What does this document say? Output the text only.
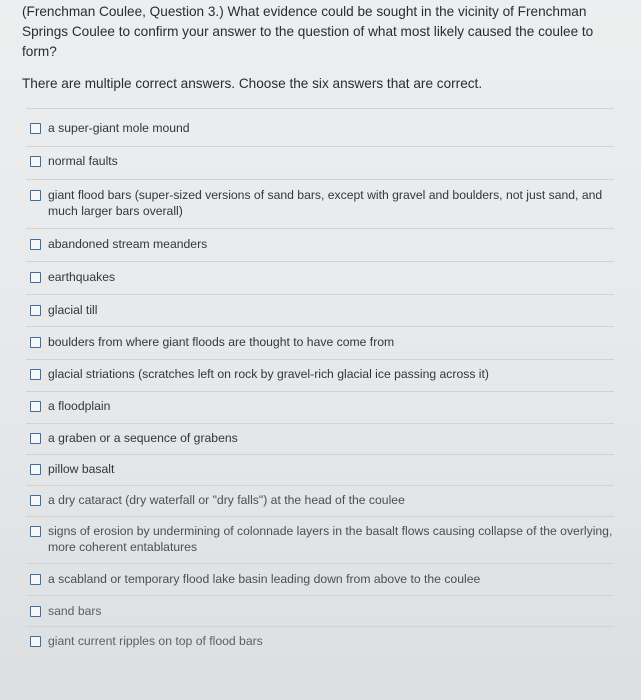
(Frenchman Coulee, Question 3.) What evidence could be sought in the vicinity of Frenchman Springs Coulee to confirm your answer to the question of what most likely caused the coulee to form?
There are multiple correct answers. Choose the six answers that are correct.
a super-giant mole mound
normal faults
giant flood bars (super-sized versions of sand bars, except with gravel and boulders, not just sand, and much larger bars overall)
abandoned stream meanders
earthquakes
glacial till
boulders from where giant floods are thought to have come from
glacial striations (scratches left on rock by gravel-rich glacial ice passing across it)
a floodplain
a graben or a sequence of grabens
pillow basalt
a dry cataract (dry waterfall or "dry falls") at the head of the coulee
signs of erosion by undermining of colonnade layers in the basalt flows causing collapse of the overlying, more coherent entablatures
a scabland or temporary flood lake basin leading down from above to the coulee
sand bars
giant current ripples on top of flood bars
